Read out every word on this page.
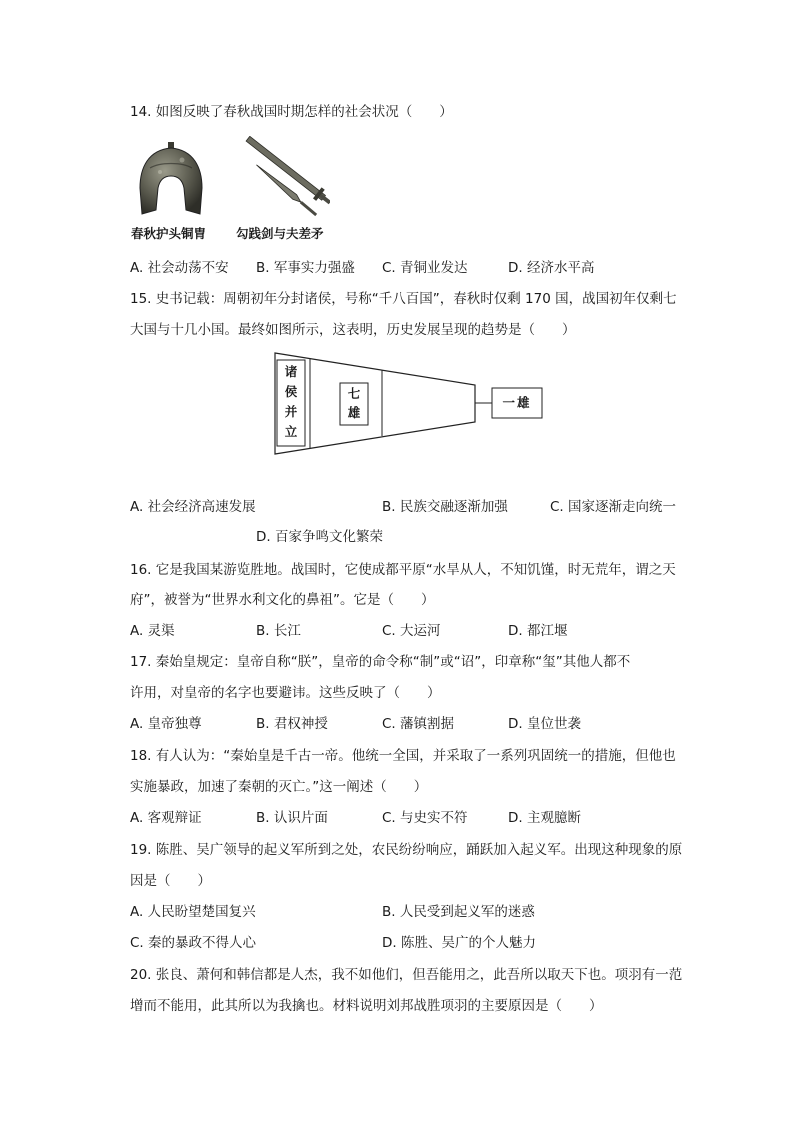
14. 如图反映了春秋战国时期怎样的社会状况（　　）
春秋护头铜胄 勾践剑与夫差矛
A. 社会动荡不安 B. 军事实力强盛 C. 青铜业发达	D. 经济水平高
15. 史书记载：周朝初年分封诸侯，号称“千八百国”，春秋时仅剩 170 国，战国初年仅剩七
大国与十几小国。最终如图所示，这表明，历史发展呈现的趋势是（　　）
诸
侯
并
立
七
雄
一雄
A. 社会经济高速发展	B. 民族交融逐渐加强	C. 国家逐渐走向统一
D. 百家争鸣文化繁荣
16. 它是我国某游览胜地。战国时，它使成都平原“水旱从人，不知饥馑，时无荒年，谓之天
府”，被誉为“世界水利文化的鼻祖”。它是（　　）
A. 灵渠	B. 长江	C. 大运河	D. 都江堰
17. 秦始皇规定：皇帝自称“朕”，皇帝的命令称“制”或“诏”，印章称“玺”其他人都不
许用，对皇帝的名字也要避讳。这些反映了（　　）
A. 皇帝独尊	B. 君权神授	C. 藩镇割据	D. 皇位世袭
18. 有人认为：“秦始皇是千古一帝。他统一全国，并采取了一系列巩固统一的措施，但他也
实施暴政，加速了秦朝的灭亡。”这一阐述（　　）
A. 客观辩证	B. 认识片面	C. 与史实不符	D. 主观臆断
19. 陈胜、吴广领导的起义军所到之处，农民纷纷响应，踊跃加入起义军。出现这种现象的原
因是（　　）
A. 人民盼望楚国复兴	B. 人民受到起义军的迷惑
C. 秦的暴政不得人心	D. 陈胜、吴广的个人魅力
20. 张良、萧何和韩信都是人杰，我不如他们，但吾能用之，此吾所以取天下也。项羽有一范
增而不能用，此其所以为我擒也。材料说明刘邦战胜项羽的主要原因是（　　）
